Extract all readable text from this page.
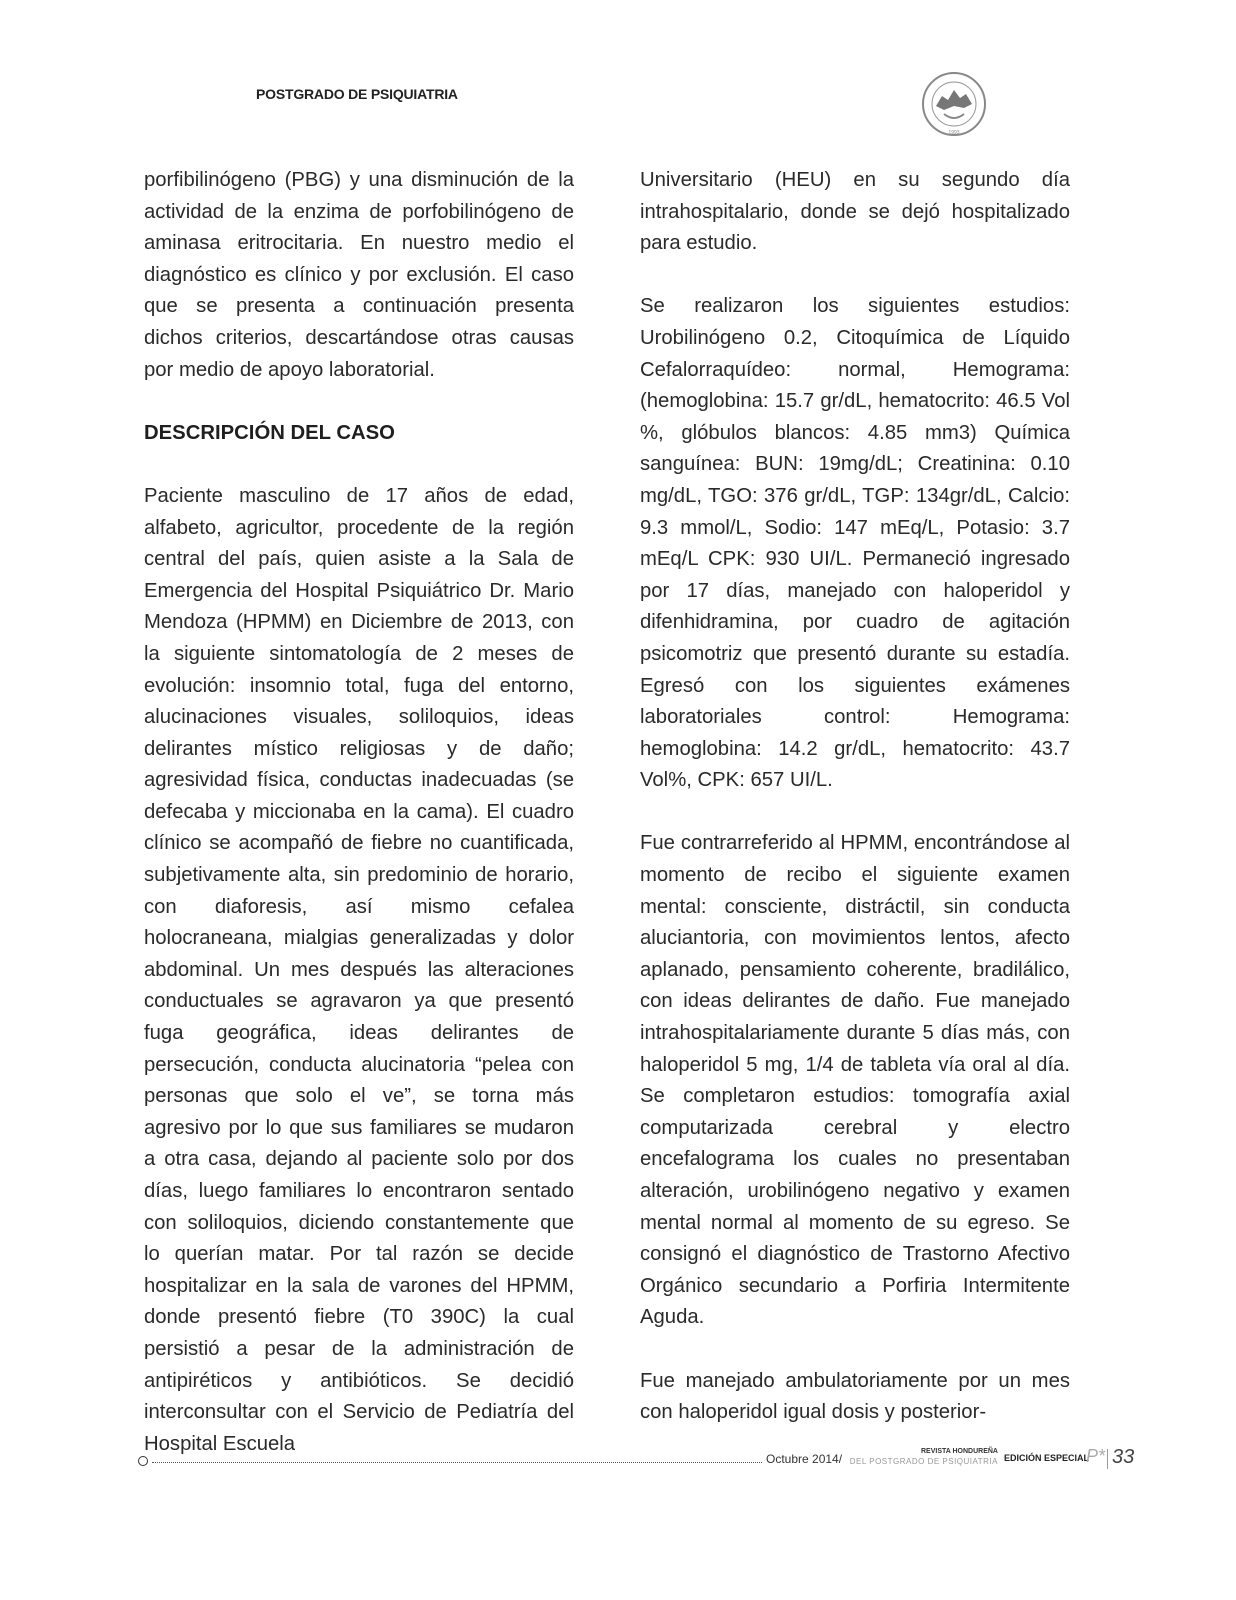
POSTGRADO DE PSIQUIATRIA
1993

porfibilinógeno (PBG) y una disminución de la actividad de la enzima de porfobilinógeno de aminasa eritrocitaria. En nuestro medio el diagnóstico es clínico y por exclusión. El caso que se presenta a continuación presenta dichos criterios, descartándose otras causas por medio de apoyo laboratorial.

DESCRIPCIÓN DEL CASO

Paciente masculino de 17 años de edad, alfabeto, agricultor, procedente de la región central del país, quien asiste a la Sala de Emergencia del Hospital Psiquiátrico Dr. Mario Mendoza (HPMM) en Diciembre de 2013, con la siguiente sintomatología de 2 meses de evolución: insomnio total, fuga del entorno, alucinaciones visuales, soliloquios, ideas delirantes místico religiosas y de daño; agresividad física, conductas inadecuadas (se defecaba y miccionaba en la cama). El cuadro clínico se acompañó de fiebre no cuantificada, subjetivamente alta, sin predominio de horario, con diaforesis, así mismo cefalea holocraneana, mialgias generalizadas y dolor abdominal. Un mes después las alteraciones conductuales se agravaron ya que presentó fuga geográfica, ideas delirantes de persecución, conducta alucinatoria “pelea con personas que solo el ve”, se torna más agresivo por lo que sus familiares se mudaron a otra casa, dejando al paciente solo por dos días, luego familiares lo encontraron sentado con soliloquios, diciendo constantemente que lo querían matar. Por tal razón se decide hospitalizar en la sala de varones del HPMM, donde presentó fiebre (T0 390C) la cual persistió a pesar de la administración de antipiréticos y antibióticos. Se decidió interconsultar con el Servicio de Pediatría del Hospital Escuela

Universitario (HEU) en su segundo día intrahospitalario, donde se dejó hospitalizado para estudio.

Se realizaron los siguientes estudios: Urobilinógeno 0.2, Citoquímica de Líquido Cefalorraquídeo: normal, Hemograma: (hemoglobina: 15.7 gr/dL, hematocrito: 46.5 Vol %, glóbulos blancos: 4.85 mm3) Química sanguínea: BUN: 19mg/dL; Creatinina: 0.10 mg/dL, TGO: 376 gr/dL, TGP: 134gr/dL, Calcio: 9.3 mmol/L, Sodio: 147 mEq/L, Potasio: 3.7 mEq/L CPK: 930 UI/L. Permaneció ingresado por 17 días, manejado con haloperidol y difenhidramina, por cuadro de agitación psicomotriz que presentó durante su estadía. Egresó con los siguientes exámenes laboratoriales control: Hemograma: hemoglobina: 14.2 gr/dL, hematocrito: 43.7 Vol%, CPK: 657 UI/L.

Fue contrarreferido al HPMM, encontrándose al momento de recibo el siguiente examen mental: consciente, distráctil, sin conducta aluciantoria, con movimientos lentos, afecto aplanado, pensamiento coherente, bradilálico, con ideas delirantes de daño. Fue manejado intrahospitalariamente durante 5 días más, con haloperidol 5 mg, 1/4 de tableta vía oral al día. Se completaron estudios: tomografía axial computarizada cerebral y electro encefalograma los cuales no presentaban alteración, urobilinógeno negativo y examen mental normal al momento de su egreso. Se consignó el diagnóstico de Trastorno Afectivo Orgánico secundario a Porfiria Intermitente Aguda.

Fue manejado ambulatoriamente por un mes con haloperidol igual dosis y posterior-

Octubre 2014/
REVISTA HONDUREÑA
DEL POSTGRADO DE PSIQUIATRIA EDICIÓN ESPECIAL
P* 33
